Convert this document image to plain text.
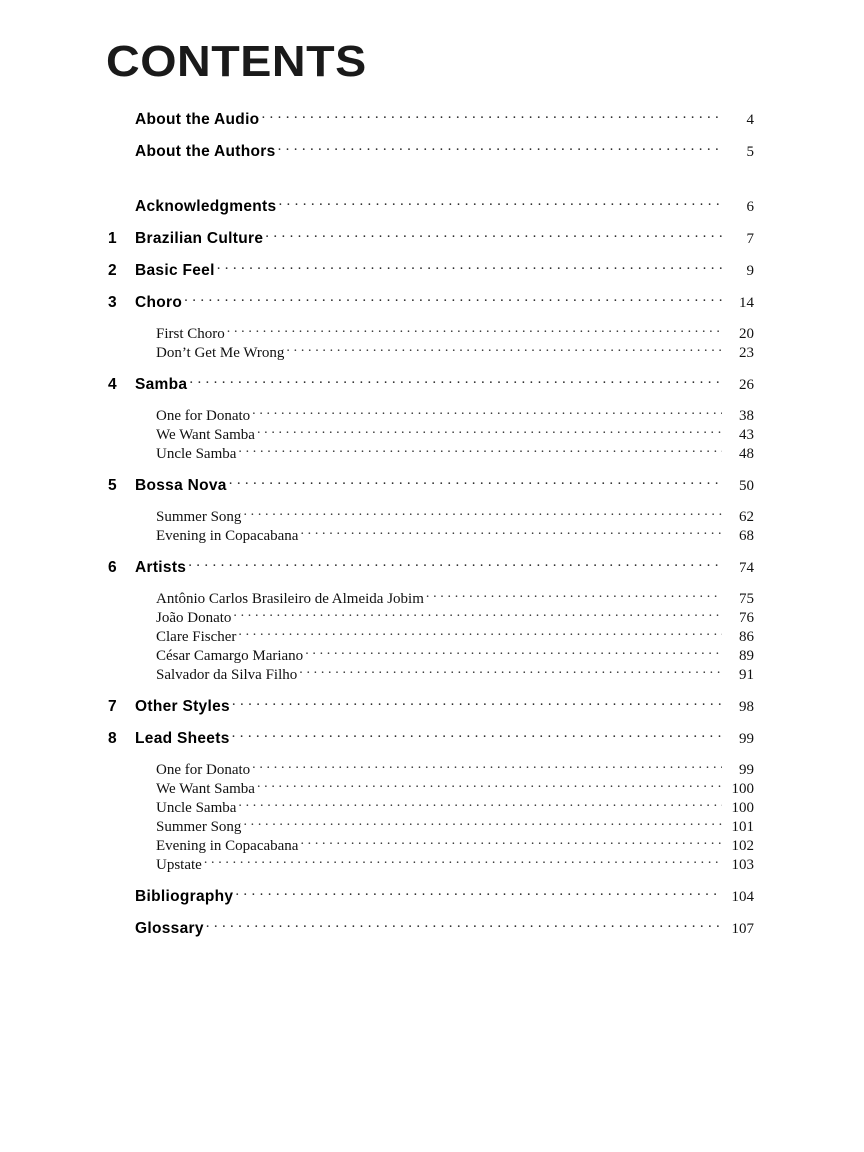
CONTENTS
About the Audio . . .	4
About the Authors . . .	5
Acknowledgments . . .	6
1	Brazilian Culture . . .	7
2	Basic Feel . . .	9
3	Choro . . .	14
First Choro . . .	20
Don’t Get Me Wrong . . .	23
4	Samba . . .	26
One for Donato . . .	38
We Want Samba . . .	43
Uncle Samba . . .	48
5	Bossa Nova . . .	50
Summer Song . . .	62
Evening in Copacabana . . .	68
6	Artists . . .	74
Antônio Carlos Brasileiro de Almeida Jobim . . .	75
João Donato . . .	76
Clare Fischer . . .	86
César Camargo Mariano . . .	89
Salvador da Silva Filho . . .	91
7	Other Styles . . .	98
8	Lead Sheets . . .	99
One for Donato . . .	99
We Want Samba . . .	100
Uncle Samba . . .	100
Summer Song . . .	101
Evening in Copacabana . . .	102
Upstate . . .	103
Bibliography . . .	104
Glossary . . .	107
